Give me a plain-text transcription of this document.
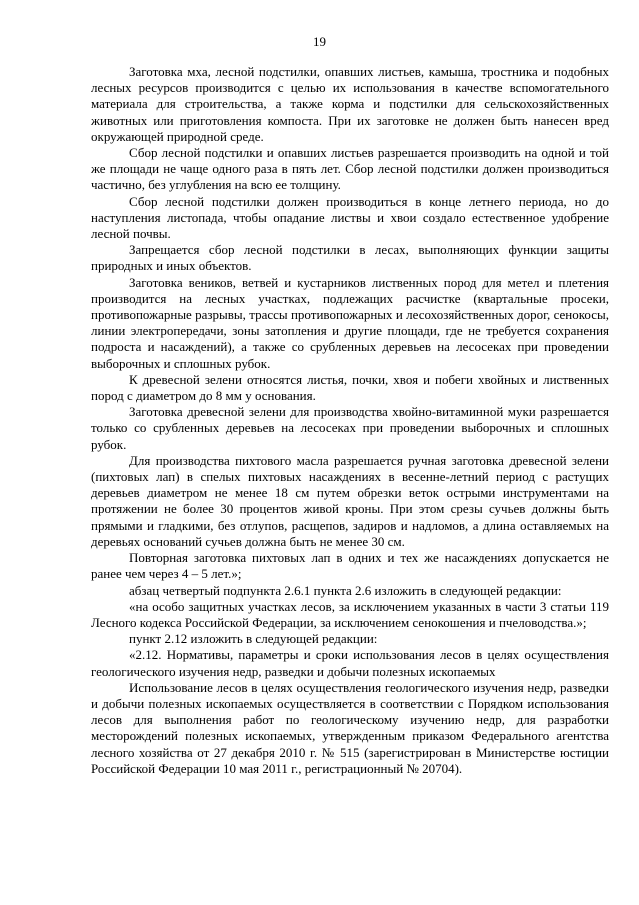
19

Заготовка мха, лесной подстилки, опавших листьев, камыша, тростника и подобных лесных ресурсов производится с целью их использования в качестве вспомогательного материала для строительства, а также корма и подстилки для сельскохозяйственных животных или приготовления компоста. При их заготовке не должен быть нанесен вред окружающей природной среде.

Сбор лесной подстилки и опавших листьев разрешается производить на одной и той же площади не чаще одного раза в пять лет. Сбор лесной подстилки должен производиться частично, без углубления на всю ее толщину.

Сбор лесной подстилки должен производиться в конце летнего периода, но до наступления листопада, чтобы опадание листвы и хвои создало естественное удобрение лесной почвы.

Запрещается сбор лесной подстилки в лесах, выполняющих функции защиты природных и иных объектов.

Заготовка веников, ветвей и кустарников лиственных пород для метел и плетения производится на лесных участках, подлежащих расчистке (квартальные просеки, противопожарные разрывы, трассы противопожарных и лесохозяйственных дорог, сенокосы, линии электропередачи, зоны затопления и другие площади, где не требуется сохранения подроста и насаждений), а также со срубленных деревьев на лесосеках при проведении выборочных и сплошных рубок.

К древесной зелени относятся листья, почки, хвоя и побеги хвойных и лиственных пород с диаметром до 8 мм у основания.

Заготовка древесной зелени для производства хвойно-витаминной муки разрешается только со срубленных деревьев на лесосеках при проведении выборочных и сплошных рубок.

Для производства пихтового масла разрешается ручная заготовка древесной зелени (пихтовых лап) в спелых пихтовых насаждениях в весенне-летний период с растущих деревьев диаметром не менее 18 см путем обрезки веток острыми инструментами на протяжении не более 30 процентов живой кроны. При этом срезы сучьев должны быть прямыми и гладкими, без отлупов, расщепов, задиров и надломов, а длина оставляемых на деревьях оснований сучьев должна быть не менее 30 см.

Повторная заготовка пихтовых лап в одних и тех же насаждениях допускается не ранее чем через 4 – 5 лет.»;

абзац четвертый подпункта 2.6.1 пункта 2.6 изложить в следующей редакции:

«на особо защитных участках лесов, за исключением указанных в части 3 статьи 119 Лесного кодекса Российской Федерации, за исключением сенокошения и пчеловодства.»;

пункт 2.12 изложить в следующей редакции:

«2.12. Нормативы, параметры и сроки использования лесов в целях осуществления геологического изучения недр, разведки и добычи полезных ископаемых

Использование лесов в целях осуществления геологического изучения недр, разведки и добычи полезных ископаемых осуществляется в соответствии с Порядком использования лесов для выполнения работ по геологическому изучению недр, для разработки месторождений полезных ископаемых, утвержденным приказом Федерального агентства лесного хозяйства от 27 декабря 2010 г. № 515 (зарегистрирован в Министерстве юстиции Российской Федерации 10 мая 2011 г., регистрационный № 20704).
